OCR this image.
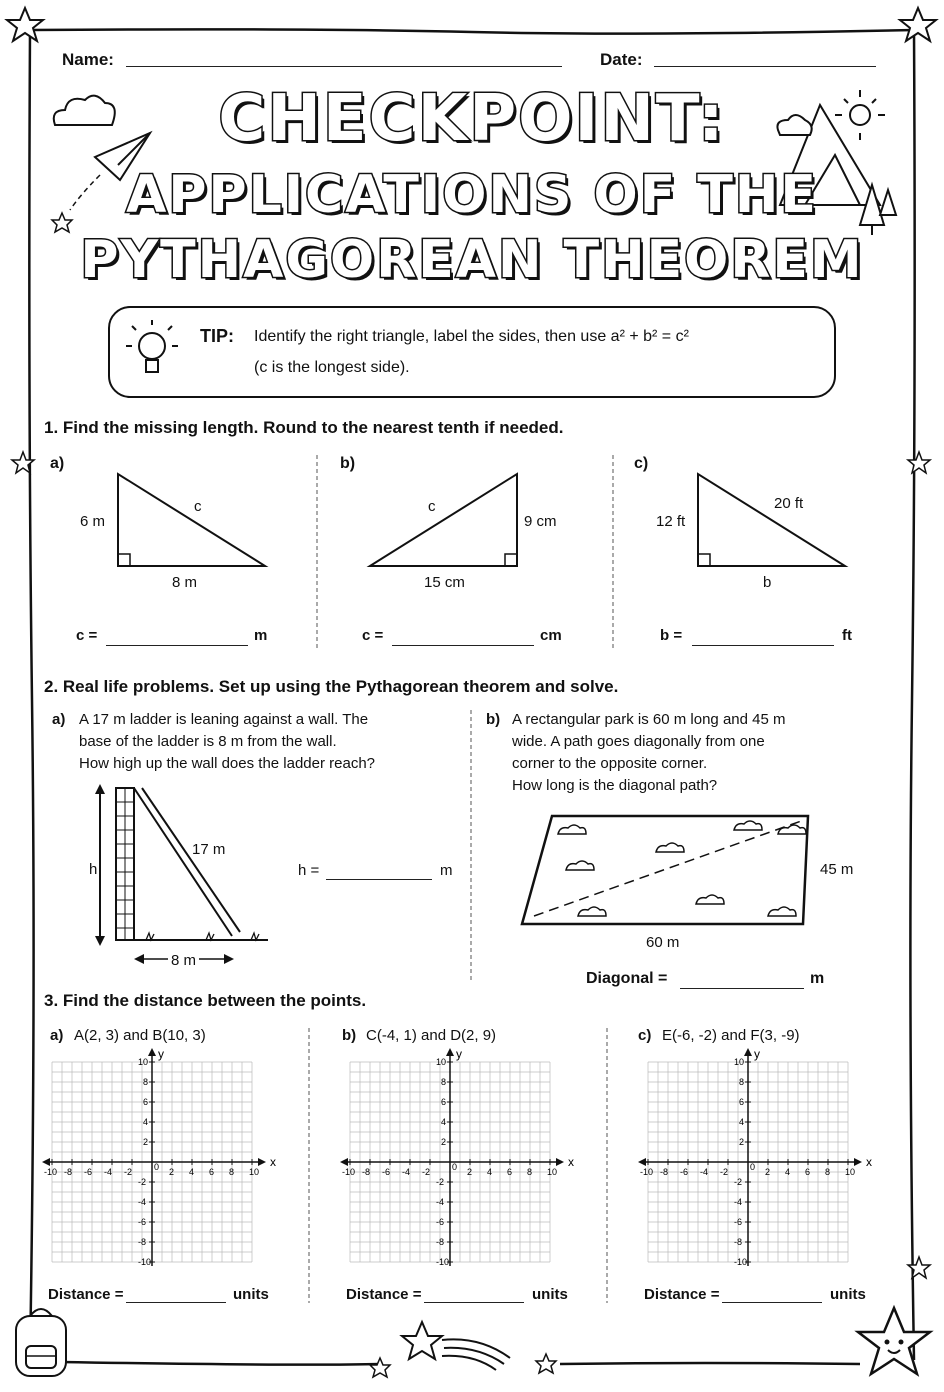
Name:	Date:
CHECKPOINT:
APPLICATIONS OF THE
PYTHAGOREAN THEOREM
TIP: Identify the right triangle, label the sides, then use a² + b² = c²
(c is the longest side).
1. Find the missing length. Round to the nearest tenth if needed.
a)	b)	c)
6 m
8 m
c
c =	m
c
9 cm
15 cm
c =	cm
12 ft
20 ft
b
b =	ft
2. Real life problems. Set up using the Pythagorean theorem and solve.
a) A 17 m ladder is leaning against a wall. The
base of the ladder is 8 m from the wall.
How high up the wall does the ladder reach?
b) A rectangular park is 60 m long and 45 m
wide. A path goes diagonally from one
corner to the opposite corner.
How long is the diagonal path?
h
17 m
8 m
h =	m	45 m
60 m
Diagonal =	m
3. Find the distance between the points.
a) A(2, 3) and B(10, 3)	b) C(-4, 1) and D(2, 9)	c) E(-6, -2) and F(3, -9)
x
y
0
-10 -8 -6 -4 -2	2 4 6 8 10
10
8
6
4
2
-2
-4
-6
-8
-10
x
y
0
-10 -8 -6 -4 -2	2 4 6 8 10
10
8
6
4
2
-2
-4
-6
-8
-10
x
y
0
-10 -8 -6 -4 -2	2 4 6 8 10
10
8
6
4
2
-2
-4
-6
-8
-10
Distance =	units	Distance =	units	Distance =	units
